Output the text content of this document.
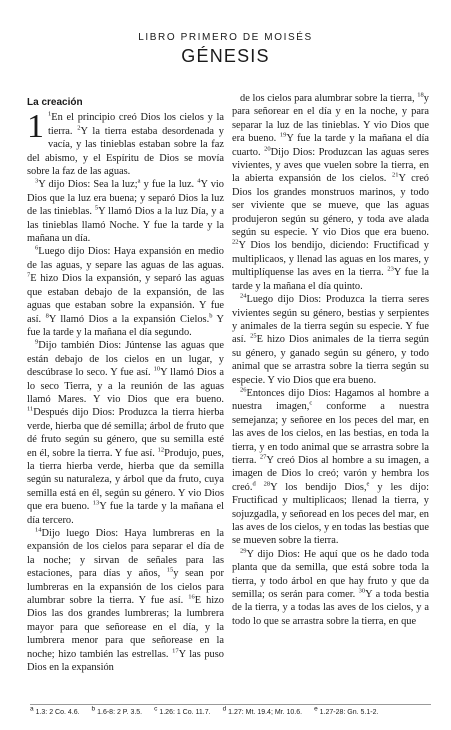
LIBRO PRIMERO DE MOISÉS
GÉNESIS
La creación

1 $^1$En el principio creó Dios los cielos y la tierra. $^2$Y la tierra estaba desordenada y vacía, y las tinieblas estaban sobre la faz del abismo, y el Espíritu de Dios se movía sobre la faz de las aguas.

$^3$Y dijo Dios: Sea la luz;$^a$ y fue la luz. $^4$Y vio Dios que la luz era buena; y separó Dios la luz de las tinieblas. $^5$Y llamó Dios a la luz Día, y a las tinieblas llamó Noche. Y fue la tarde y la mañana un día.

$^6$Luego dijo Dios: Haya expansión en medio de las aguas, y separe las aguas de las aguas. $^7$E hizo Dios la expansión, y separó las aguas que estaban debajo de la expansión, de las aguas que estaban sobre la expansión. Y fue así. $^8$Y llamó Dios a la expansión Cielos.$^b$ Y fue la tarde y la mañana el día segundo.

$^9$Dijo también Dios: Júntense las aguas que están debajo de los cielos en un lugar, y descúbrase lo seco. Y fue así. $^{10}$Y llamó Dios a lo seco Tierra, y a la reunión de las aguas llamó Mares. Y vio Dios que era bueno. $^{11}$Después dijo Dios: Produzca la tierra hierba verde, hierba que dé semilla; árbol de fruto que dé fruto según su género, que su semilla esté en él, sobre la tierra. Y fue así. $^{12}$Produjo, pues, la tierra hierba verde, hierba que da semilla según su naturaleza, y árbol que da fruto, cuya semilla está en él, según su género. Y vio Dios que era bueno. $^{13}$Y fue la tarde y la mañana el día tercero.

$^{14}$Dijo luego Dios: Haya lumbreras en la expansión de los cielos para separar el día de la noche; y sirvan de señales para las estaciones, para días y años, $^{15}$y sean por lumbreras en la expansión de los cielos para alumbrar sobre la tierra. Y fue así. $^{16}$E hizo Dios las dos grandes lumbreras; la lumbrera mayor para que señorease en el día, y la lumbrera menor para que señorease en la noche; hizo también las estrellas. $^{17}$Y las puso Dios en la expansión

de los cielos para alumbrar sobre la tierra, $^{18}$y para señorear en el día y en la noche, y para separar la luz de las tinieblas. Y vio Dios que era bueno. $^{19}$Y fue la tarde y la mañana el día cuarto. $^{20}$Dijo Dios: Produzcan las aguas seres vivientes, y aves que vuelen sobre la tierra, en la abierta expansión de los cielos. $^{21}$Y creó Dios los grandes monstruos marinos, y todo ser viviente que se mueve, que las aguas produjeron según su género, y toda ave alada según su especie. Y vio Dios que era bueno. $^{22}$Y Dios los bendijo, diciendo: Fructificad y multiplicaos, y llenad las aguas en los mares, y multiplíquense las aves en la tierra. $^{23}$Y fue la tarde y la mañana el día quinto.

$^{24}$Luego dijo Dios: Produzca la tierra seres vivientes según su género, bestias y serpientes y animales de la tierra según su especie. Y fue así. $^{25}$E hizo Dios animales de la tierra según su género, y ganado según su género, y todo animal que se arrastra sobre la tierra según su especie. Y vio Dios que era bueno.

$^{26}$Entonces dijo Dios: Hagamos al hombre a nuestra imagen,$^c$ conforme a nuestra semejanza; y señoree en los peces del mar, en las aves de los cielos, en las bestias, en toda la tierra, y en todo animal que se arrastra sobre la tierra. $^{27}$Y creó Dios al hombre a su imagen, a imagen de Dios lo creó; varón y hembra los creó.$^d$ $^{28}$Y los bendijo Dios,$^e$ y les dijo: Fructificad y multiplicaos; llenad la tierra, y sojuzgadla, y señoread en los peces del mar, en las aves de los cielos, y en todas las bestias que se mueven sobre la tierra.

$^{29}$Y dijo Dios: He aquí que os he dado toda planta que da semilla, que está sobre toda la tierra, y todo árbol en que hay fruto y que da semilla; os serán para comer. $^{30}$Y a toda bestia de la tierra, y a todas las aves de los cielos, y a todo lo que se arrastra sobre la tierra, en que

$^a$ 1.3: 2 Co. 4.6. $^b$ 1.6-8: 2 P. 3.5. $^c$ 1.26: 1 Co. 11.7. $^d$ 1.27: Mt. 19.4; Mr. 10.6. $^e$ 1.27-28: Gn. 5.1-2.
